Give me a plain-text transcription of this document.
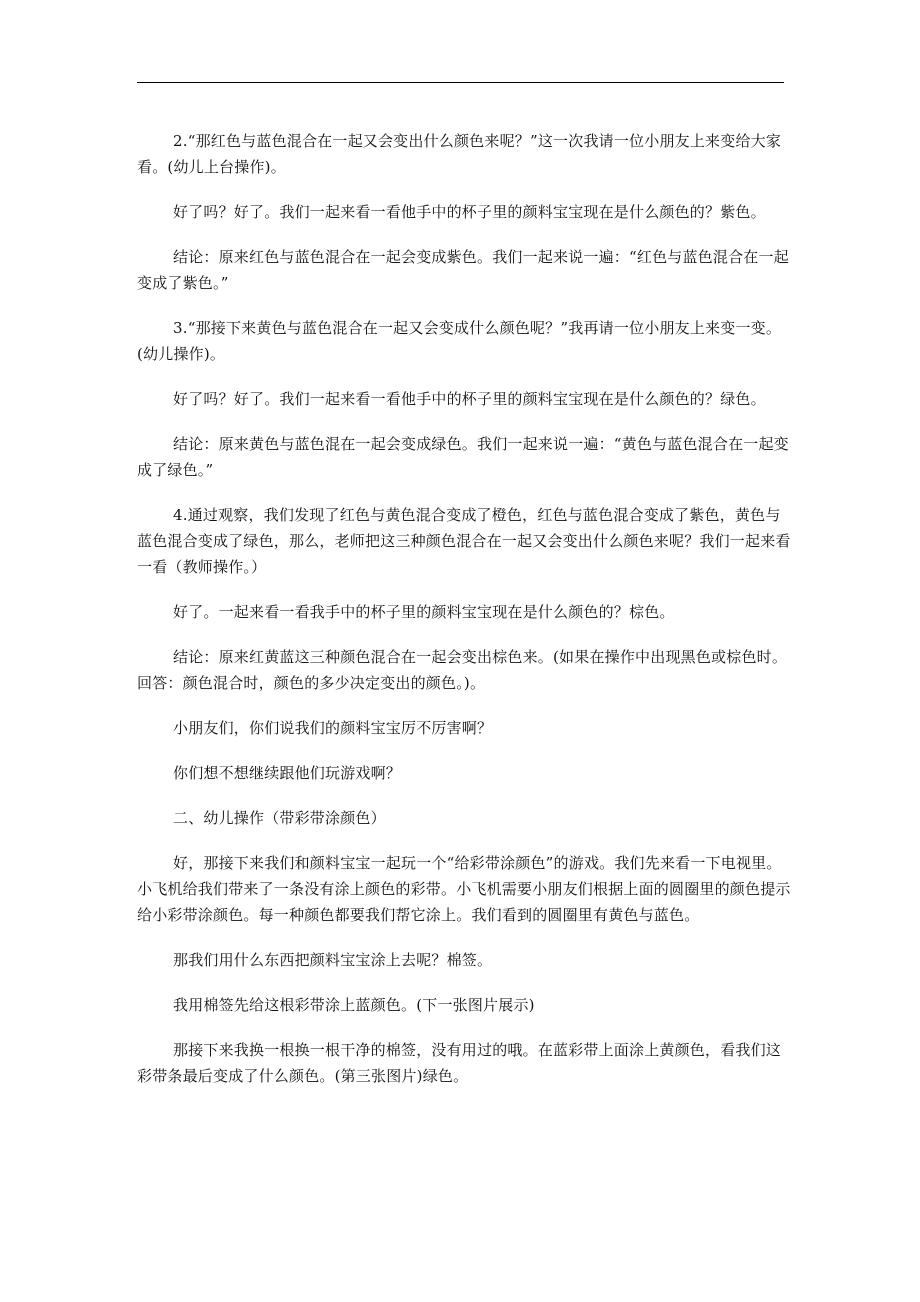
2.“那红色与蓝色混合在一起又会变出什么颜色来呢？”这一次我请一位小朋友上来变给大家看。(幼儿上台操作)。

好了吗？好了。我们一起来看一看他手中的杯子里的颜料宝宝现在是什么颜色的？紫色。

结论：原来红色与蓝色混合在一起会变成紫色。我们一起来说一遍：“红色与蓝色混合在一起变成了紫色。”

3.“那接下来黄色与蓝色混合在一起又会变成什么颜色呢？”我再请一位小朋友上来变一变。(幼儿操作)。

好了吗？好了。我们一起来看一看他手中的杯子里的颜料宝宝现在是什么颜色的？绿色。

结论：原来黄色与蓝色混在一起会变成绿色。我们一起来说一遍：“黄色与蓝色混合在一起变成了绿色。”

4.通过观察，我们发现了红色与黄色混合变成了橙色，红色与蓝色混合变成了紫色，黄色与蓝色混合变成了绿色，那么，老师把这三种颜色混合在一起又会变出什么颜色来呢？我们一起来看一看（教师操作。）

好了。一起来看一看我手中的杯子里的颜料宝宝现在是什么颜色的？棕色。

结论：原来红黄蓝这三种颜色混合在一起会变出棕色来。(如果在操作中出现黑色或棕色时。回答：颜色混合时，颜色的多少决定变出的颜色。)。

小朋友们，你们说我们的颜料宝宝厉不厉害啊？

你们想不想继续跟他们玩游戏啊？

二、幼儿操作（带彩带涂颜色）

好，那接下来我们和颜料宝宝一起玩一个“给彩带涂颜色”的游戏。我们先来看一下电视里。小飞机给我们带来了一条没有涂上颜色的彩带。小飞机需要小朋友们根据上面的圆圈里的颜色提示给小彩带涂颜色。每一种颜色都要我们帮它涂上。我们看到的圆圈里有黄色与蓝色。

那我们用什么东西把颜料宝宝涂上去呢？棉签。

我用棉签先给这根彩带涂上蓝颜色。(下一张图片展示)

那接下来我换一根换一根干净的棉签，没有用过的哦。在蓝彩带上面涂上黄颜色，看我们这彩带条最后变成了什么颜色。(第三张图片)绿色。
